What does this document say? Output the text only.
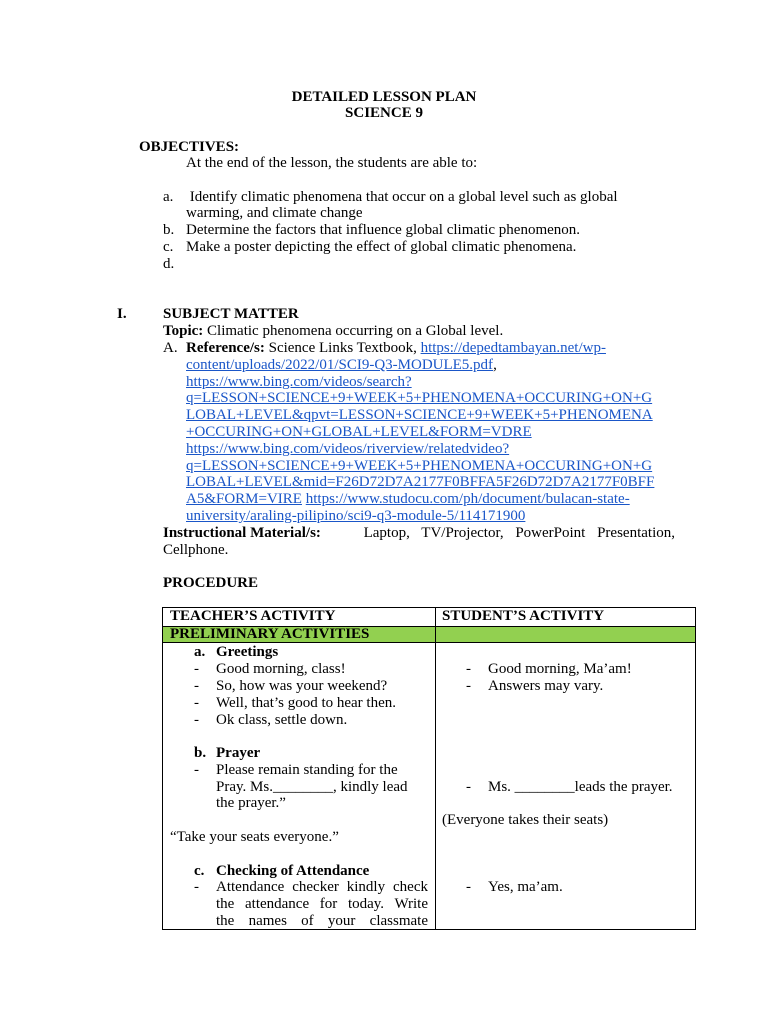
DETAILED LESSON PLAN
SCIENCE 9
OBJECTIVES:
At the end of the lesson, the students are able to:
a. Identify climatic phenomena that occur on a global level such as global
warming, and climate change
b. Determine the factors that influence global climatic phenomenon.
c. Make a poster depicting the effect of global climatic phenomena.
d.
I. SUBJECT MATTER
Topic: Climatic phenomena occurring on a Global level.
A. Reference/s: Science Links Textbook, https://depedtambayan.net/wp-
content/uploads/2022/01/SCI9-Q3-MODULE5.pdf,
https://www.bing.com/videos/search?
q=LESSON+SCIENCE+9+WEEK+5+PHENOMENA+OCCURING+ON+G
LOBAL+LEVEL&qpvt=LESSON+SCIENCE+9+WEEK+5+PHENOMENA
+OCCURING+ON+GLOBAL+LEVEL&FORM=VDRE
https://www.bing.com/videos/riverview/relatedvideo?
q=LESSON+SCIENCE+9+WEEK+5+PHENOMENA+OCCURING+ON+G
LOBAL+LEVEL&mid=F26D72D7A2177F0BFFA5F26D72D7A2177F0BFF
A5&FORM=VIRE https://www.studocu.com/ph/document/bulacan-state-
university/araling-pilipino/sci9-q3-module-5/114171900
Instructional Material/s:	Laptop, TV/Projector, PowerPoint Presentation,
Cellphone.
PROCEDURE
TEACHER’S ACTIVITY	STUDENT’S ACTIVITY
PRELIMINARY ACTIVITIES
a. Greetings
- Good morning, class!
- So, how was your weekend?
- Well, that’s good to hear then.
- Ok class, settle down.
- Good morning, Ma’am!
- Answers may vary.
b. Prayer
- Please remain standing for the
Pray. Ms.________, kindly lead
the prayer.”
- Ms. ________leads the prayer.
(Everyone takes their seats)
“Take your seats everyone.”
c. Checking of Attendance
- Attendance checker kindly check
the attendance for today. Write
the names of your classmate
- Yes, ma’am.
